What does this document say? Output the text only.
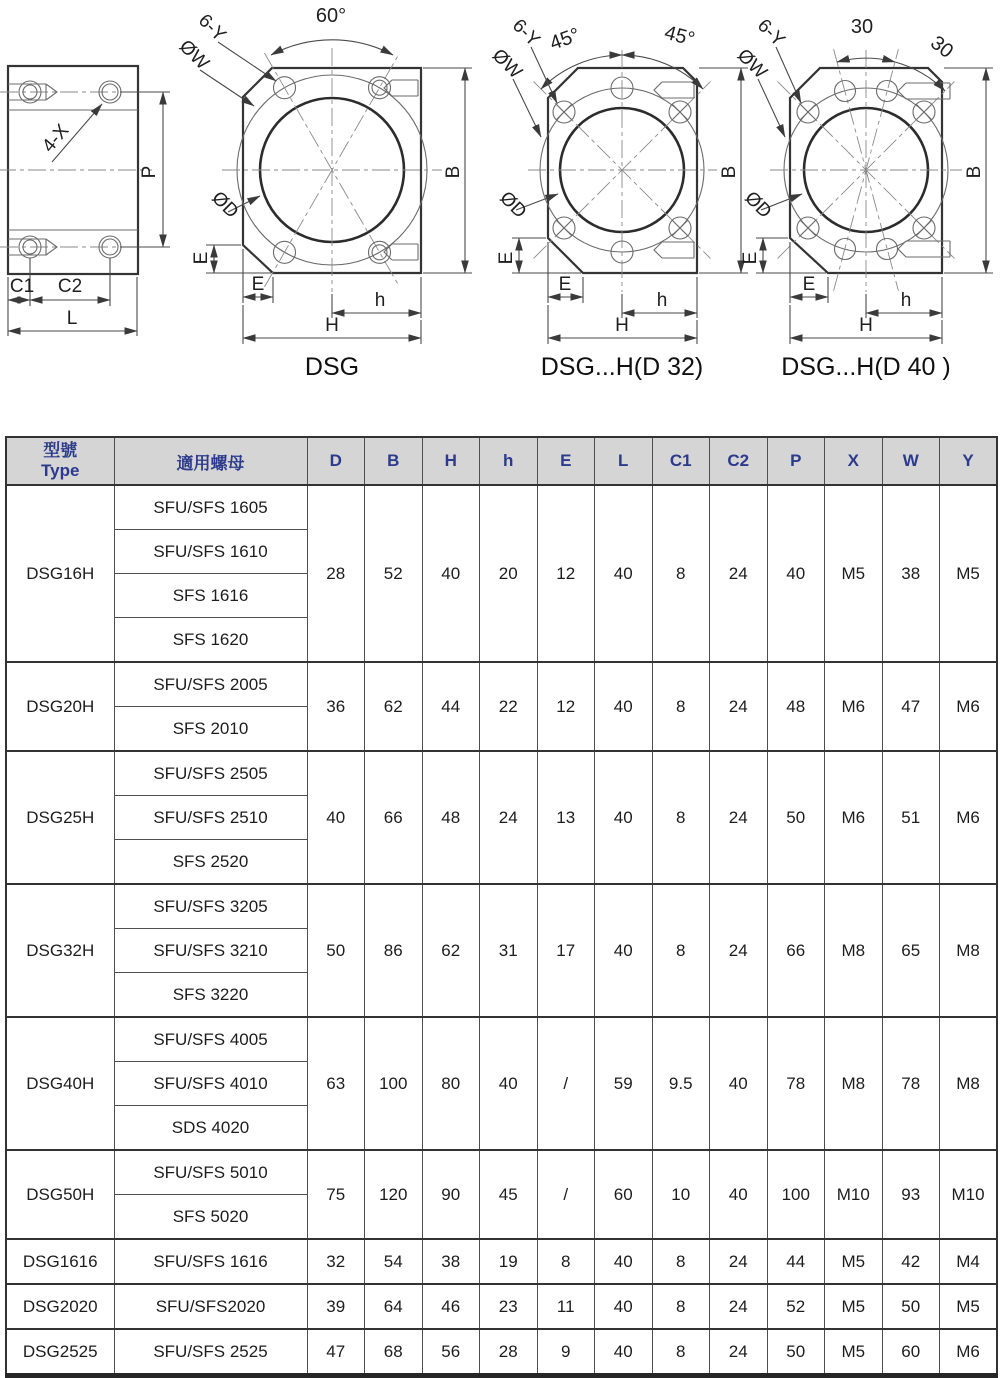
4-X
P
C1 C2
L
60°
6-Y
ØW
ØD
B
E
E
h
H
DSG
45°	45°
6-Y
ØW
ØD
B
E
E
h
H
DSG...H(D 32)
30
30
6-Y
ØW
ØD
B
E
E
h
H
DSG...H(D 40 )
型號
Type	適用螺母	D	B	H	h	E	L	C1	C2	P	X	W	Y
DSG16H	SFU/SFS 1605	28	52	40	20	12	40	8	24	40	M5	38	M5
	SFU/SFS 1610												
	SFS 1616												
	SFS 1620												
DSG20H	SFU/SFS 2005	36	62	44	22	12	40	8	24	48	M6	47	M6
	SFS 2010												
DSG25H	SFU/SFS 2505	40	66	48	24	13	40	8	24	50	M6	51	M6
	SFU/SFS 2510												
	SFS 2520												
DSG32H	SFU/SFS 3205	50	86	62	31	17	40	8	24	66	M8	65	M8
	SFU/SFS 3210												
	SFS 3220												
DSG40H	SFU/SFS 4005	63	100	80	40	/	59	9.5	40	78	M8	78	M8
	SFU/SFS 4010												
	SDS 4020												
DSG50H	SFU/SFS 5010	75	120	90	45	/	60	10	40	100	M10	93	M10
	SFS 5020												
DSG1616	SFU/SFS 1616	32	54	38	19	8	40	8	24	44	M5	42	M4
DSG2020	SFU/SFS2020	39	64	46	23	11	40	8	24	52	M5	50	M5
DSG2525	SFU/SFS 2525	47	68	56	28	9	40	8	24	50	M5	60	M6
